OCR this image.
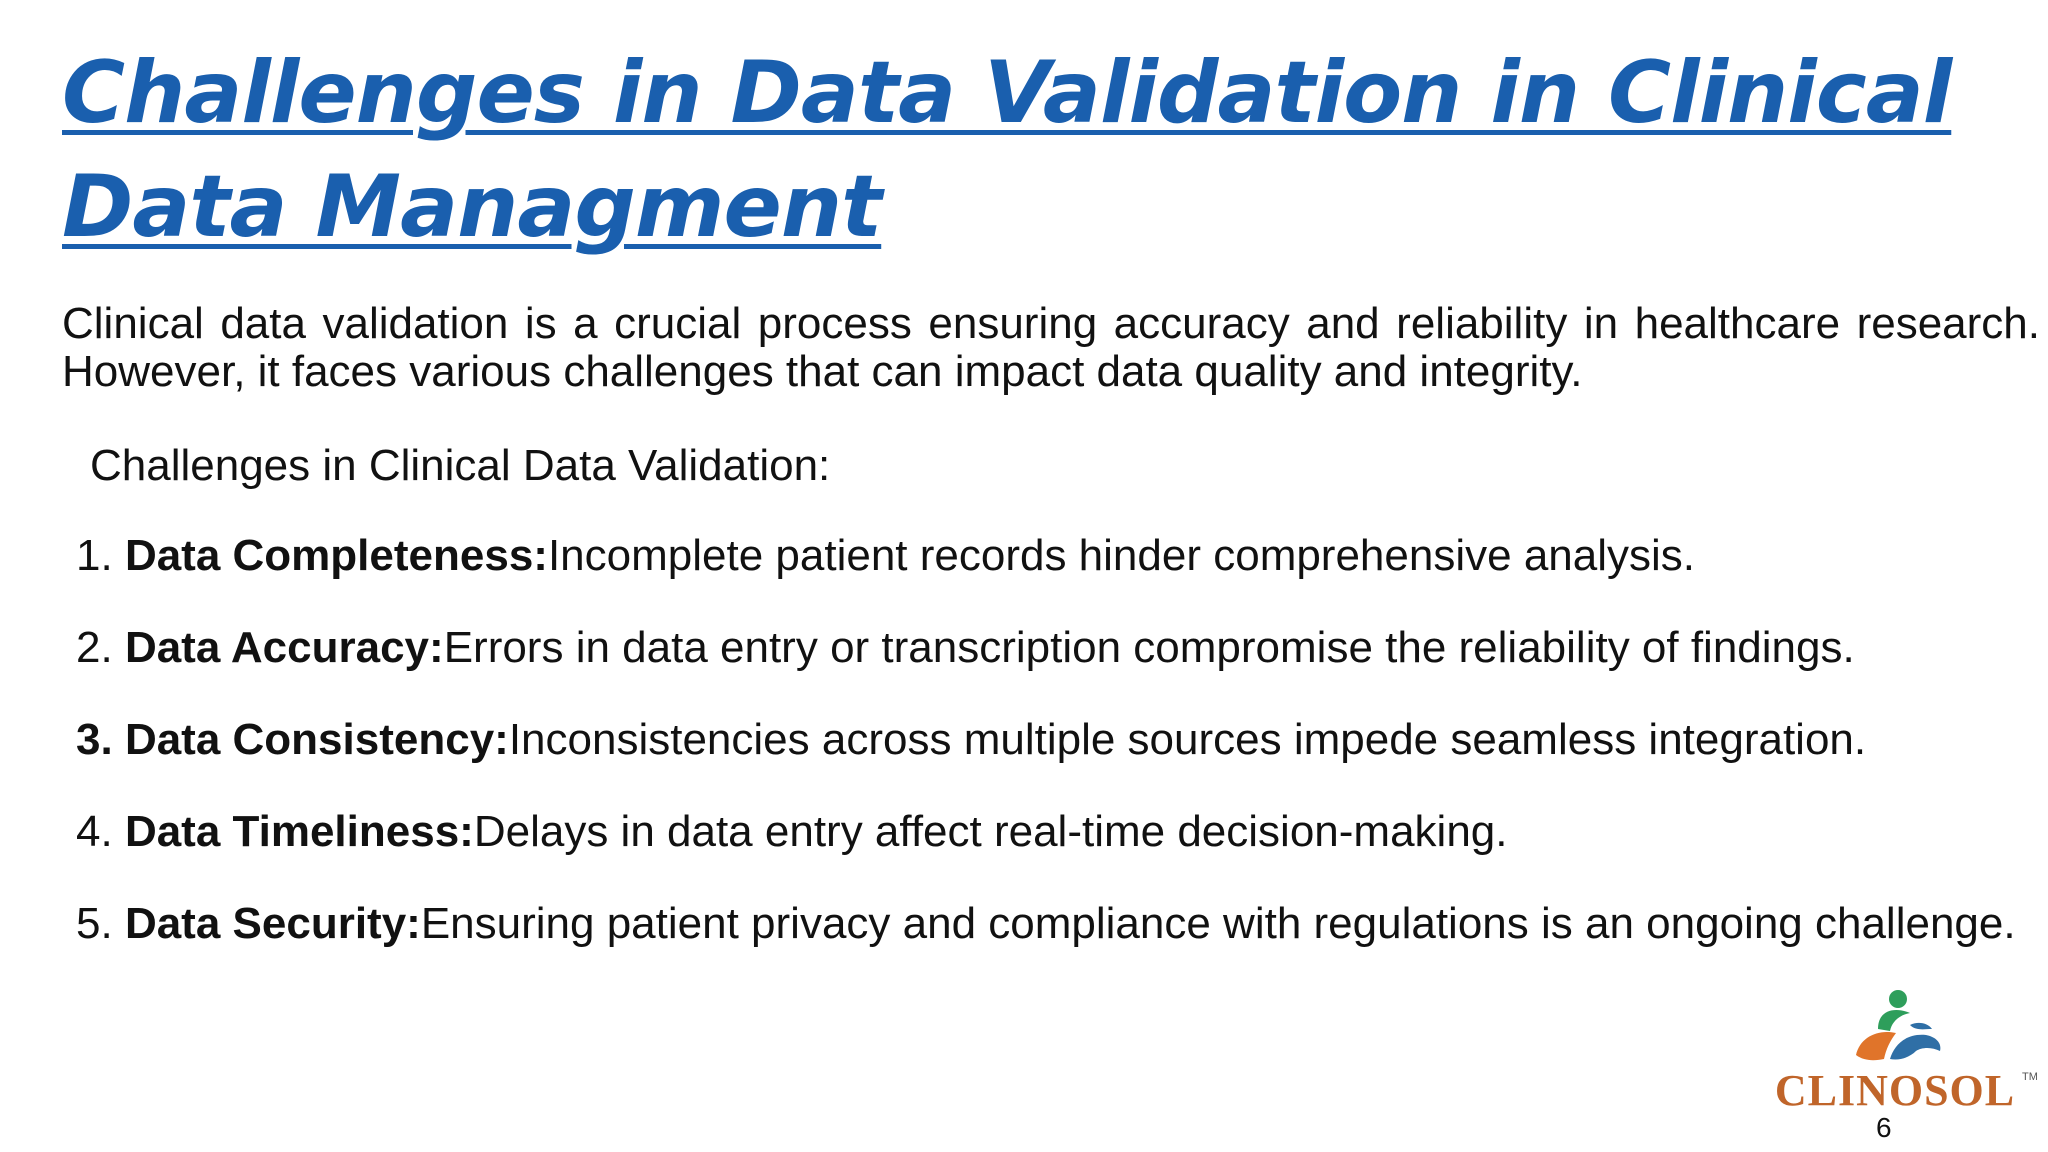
Challenges in Data Validation in Clinical Data Managment

Clinical data validation is a crucial process ensuring accuracy and reliability in healthcare research. However, it faces various challenges that can impact data quality and integrity.

Challenges in Clinical Data Validation:

1. Data Completeness:Incomplete patient records hinder comprehensive analysis.
2. Data Accuracy:Errors in data entry or transcription compromise the reliability of findings.
3. Data Consistency:Inconsistencies across multiple sources impede seamless integration.
4. Data Timeliness:Delays in data entry affect real-time decision-making.
5. Data Security:Ensuring patient privacy and compliance with regulations is an ongoing challenge.
CLINOSOL TM
6
